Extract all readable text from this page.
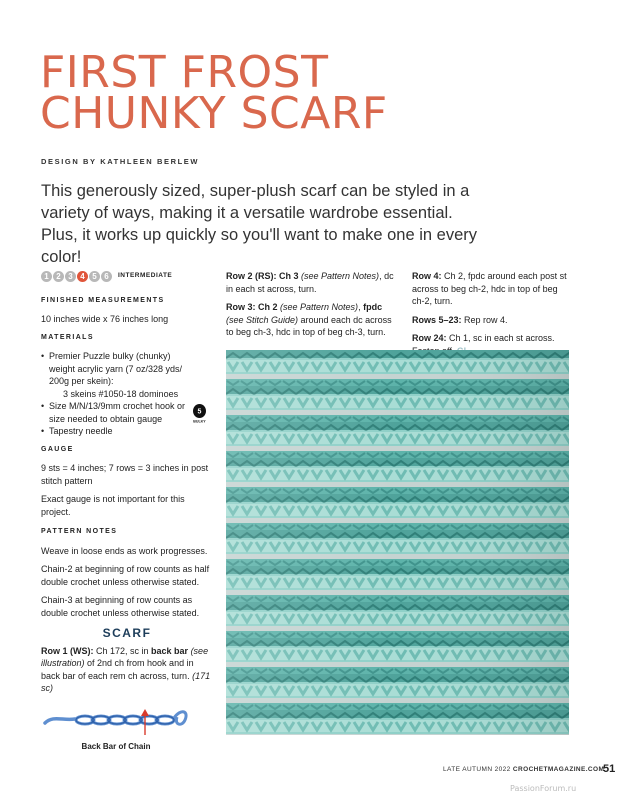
FIRST FROST
CHUNKY SCARF

DESIGN BY KATHLEEN BERLEW

This generously sized, super-plush scarf can be styled in a variety of ways, making it a versatile wardrobe essential. Plus, it works up quickly so you'll want to make one in every color!

1 2 3 4 5 6	INTERMEDIATE

FINISHED MEASUREMENTS

10 inches wide x 76 inches long

MATERIALS

• Premier Puzzle bulky (chunky) weight acrylic yarn (7 oz/328 yds/ 200g per skein):
3 skeins #1050-18 dominoes
• Size M/N/13/9mm crochet hook or size needed to obtain gauge
• Tapestry needle
5
BULKY

GAUGE

9 sts = 4 inches; 7 rows = 3 inches in post stitch pattern

Exact gauge is not important for this project.

PATTERN NOTES

Weave in loose ends as work progresses.

Chain-2 at beginning of row counts as half double crochet unless otherwise stated.

Chain-3 at beginning of row counts as double crochet unless otherwise stated.

SCARF

Row 1 (WS): Ch 172, sc in back bar (see illustration) of 2nd ch from hook and in back bar of each rem ch across, turn. (171 sc)

Back Bar of Chain

Row 2 (RS): Ch 3 (see Pattern Notes), dc in each st across, turn.

Row 3: Ch 2 (see Pattern Notes), fpdc (see Stitch Guide) around each dc across to beg ch-3, hdc in top of beg ch-3, turn.

Row 4: Ch 2, fpdc around each post st across to beg ch-2, hdc in top of beg ch-2, turn.

Rows 5–23: Rep row 4.

Row 24: Ch 1, sc in each st across.

LATE AUTUMN 2022 CROCHETMAGAZINE.COM
51
PassionForum.ru
